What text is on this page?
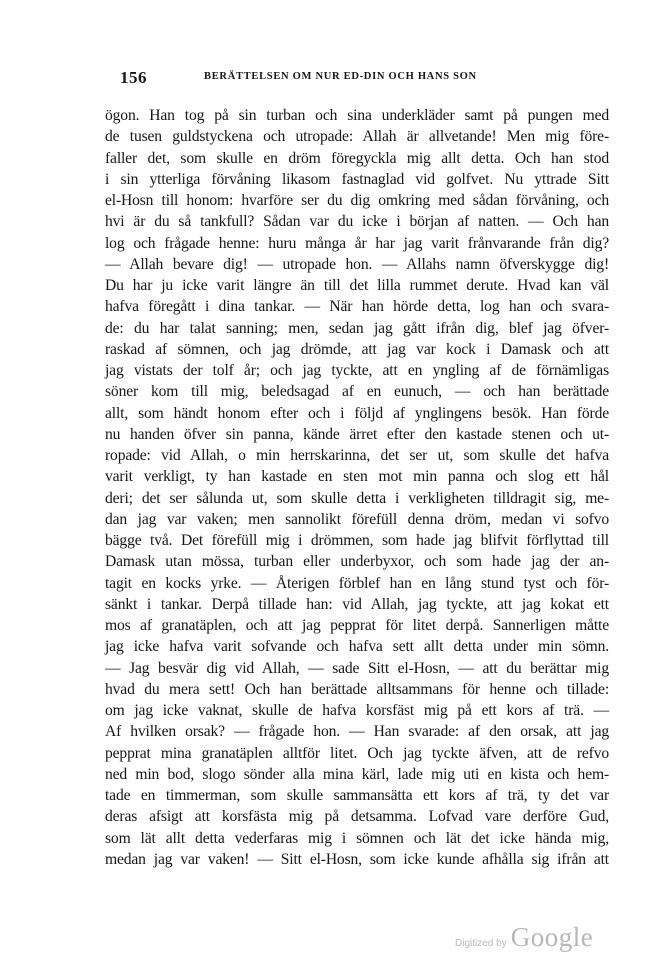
156	BERÄTTELSEN OM NUR ED-DIN OCH HANS SON
ögon. Han tog på sin turban och sina underkläder samt på pungen med
de tusen guldstyckena och utropade: Allah är allvetande! Men mig före-
faller det, som skulle en dröm föregyckla mig allt detta. Och han stod
i sin ytterliga förvåning likasom fastnaglad vid golfvet. Nu yttrade Sitt
el-Hosn till honom: hvarföre ser du dig omkring med sådan förvåning, och
hvi är du så tankfull? Sådan var du icke i början af natten. — Och han
log och frågade henne: huru många år har jag varit frånvarande från dig?
— Allah bevare dig! — utropade hon. — Allahs namn öfverskygge dig!
Du har ju icke varit längre än till det lilla rummet derute. Hvad kan väl
hafva föregått i dina tankar. — När han hörde detta, log han och svara-
de: du har talat sanning; men, sedan jag gått ifrån dig, blef jag öfver-
raskad af sömnen, och jag drömde, att jag var kock i Damask och att
jag vistats der tolf år; och jag tyckte, att en yngling af de förnämligas
söner kom till mig, beledsagad af en eunuch, — och han berättade
allt, som händt honom efter och i följd af ynglingens besök. Han förde
nu handen öfver sin panna, kände ärret efter den kastade stenen och ut-
ropade: vid Allah, o min herrskarinna, det ser ut, som skulle det hafva
varit verkligt, ty han kastade en sten mot min panna och slog ett hål
deri; det ser sålunda ut, som skulle detta i verkligheten tilldragit sig, me-
dan jag var vaken; men sannolikt förefüll denna dröm, medan vi sofvo
bägge två. Det förefüll mig i drömmen, som hade jag blifvit förflyttad till
Damask utan mössa, turban eller underbyxor, och som hade jag der an-
tagit en kocks yrke. — Återigen förblef han en lång stund tyst och för-
sänkt i tankar. Derpå tillade han: vid Allah, jag tyckte, att jag kokat ett
mos af granatäplen, och att jag pepprat för litet derpå. Sannerligen måtte
jag icke hafva varit sofvande och hafva sett allt detta under min sömn.
— Jag besvär dig vid Allah, — sade Sitt el-Hosn, — att du berättar mig
hvad du mera sett! Och han berättade alltsammans för henne och tillade:
om jag icke vaknat, skulle de hafva korsfäst mig på ett kors af trä. —
Af hvilken orsak? — frågade hon. — Han svarade: af den orsak, att jag
pepprat mina granatäplen alltför litet. Och jag tyckte äfven, att de refvo
ned min bod, slogo sönder alla mina kärl, lade mig uti en kista och hem-
tade en timmerman, som skulle sammansätta ett kors af trä, ty det var
deras afsigt att korsfästa mig på detsamma. Lofvad vare derföre Gud,
som lät allt detta vederfaras mig i sömnen och lät det icke hända mig,
medan jag var vaken! — Sitt el-Hosn, som icke kunde afhålla sig ifrån att
Digitized by Google
